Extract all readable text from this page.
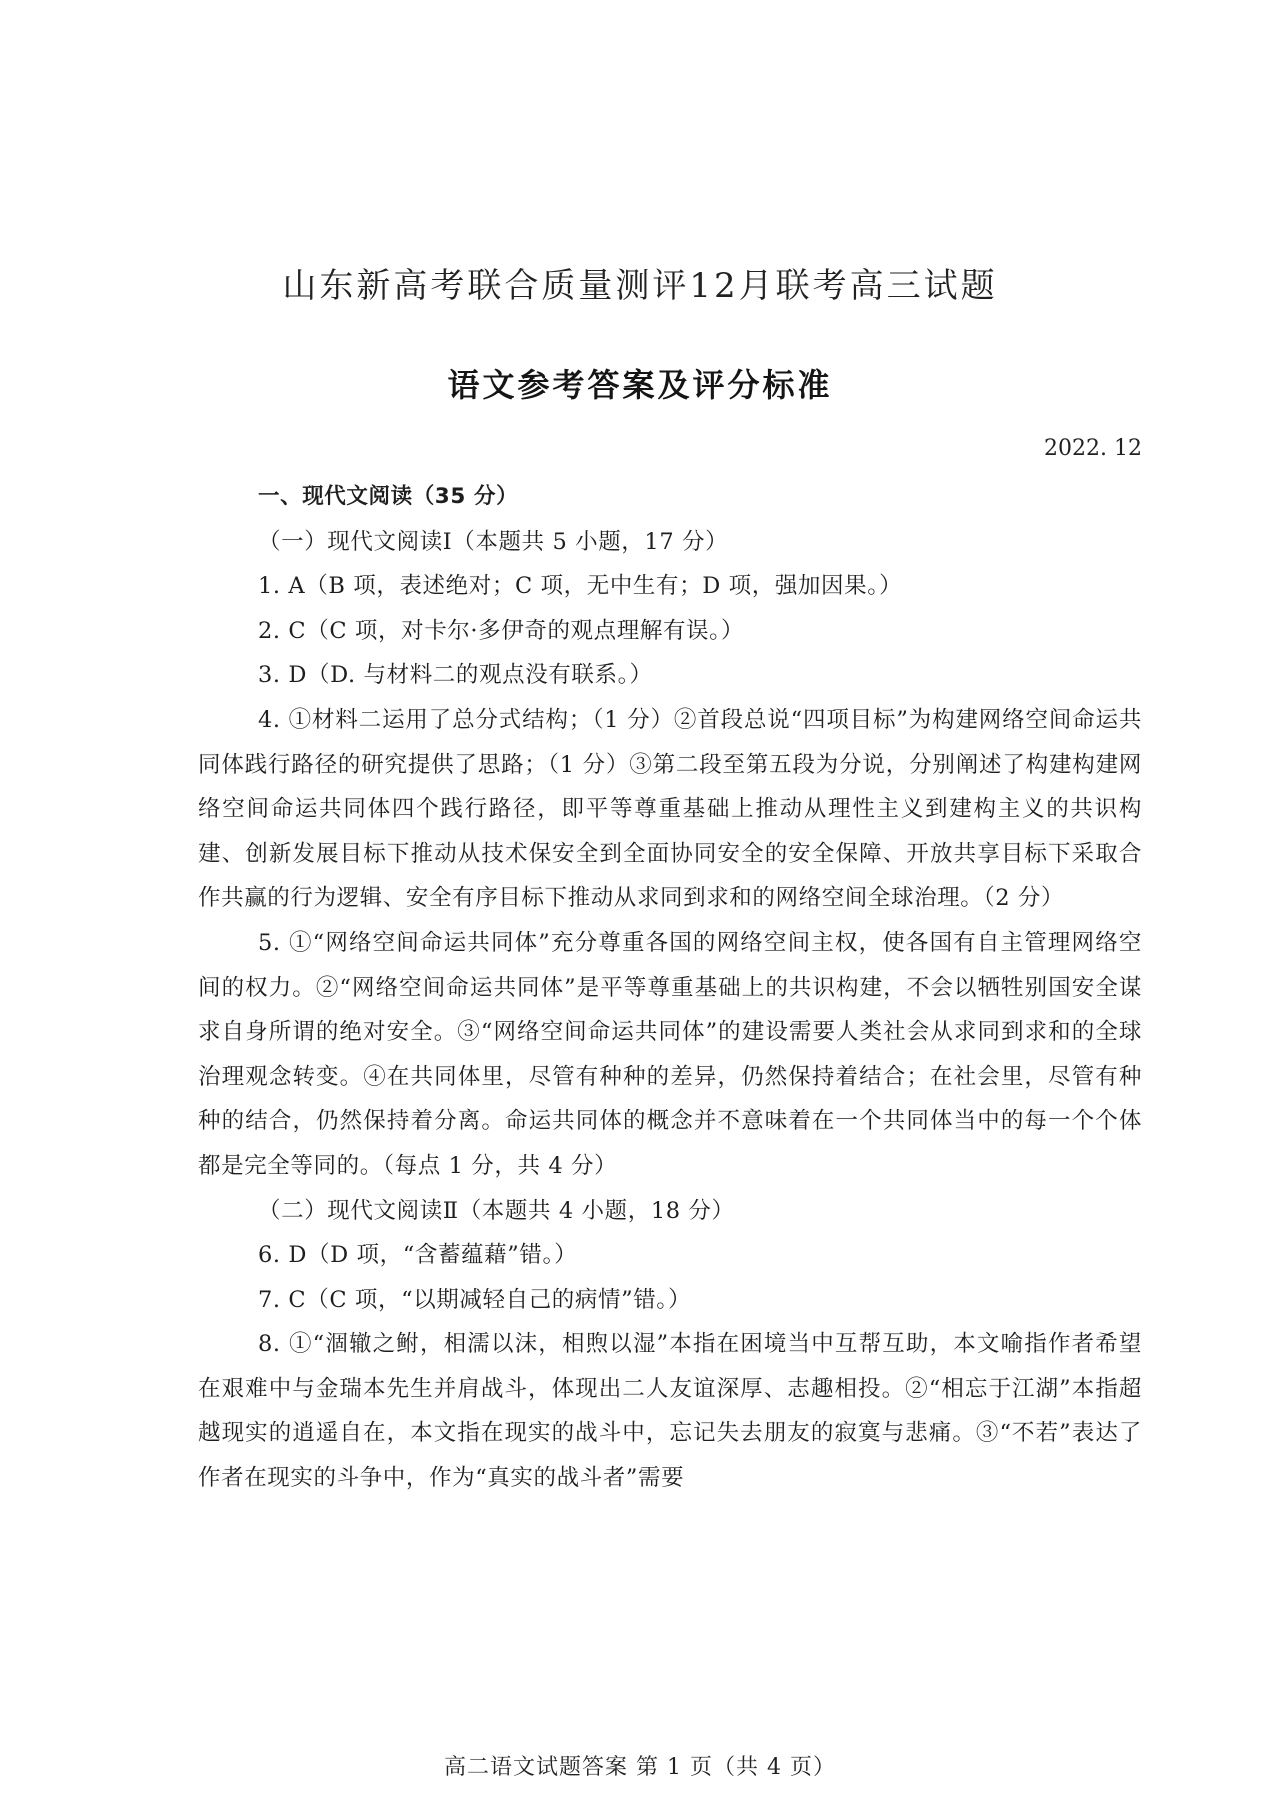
山东新高考联合质量测评12月联考高三试题
语文参考答案及评分标准
2022. 12

一、现代文阅读（35 分）

（一）现代文阅读Ⅰ（本题共 5 小题，17 分）

1. A（B 项，表述绝对；C 项，无中生有；D 项，强加因果。）

2. C（C 项，对卡尔·多伊奇的观点理解有误。）

3. D（D. 与材料二的观点没有联系。）

4. ①材料二运用了总分式结构；（1 分）②首段总说“四项目标”为构建网络空间命运共同体践行路径的研究提供了思路；（1 分）③第二段至第五段为分说，分别阐述了构建构建网络空间命运共同体四个践行路径，即平等尊重基础上推动从理性主义到建构主义的共识构建、创新发展目标下推动从技术保安全到全面协同安全的安全保障、开放共享目标下采取合作共赢的行为逻辑、安全有序目标下推动从求同到求和的网络空间全球治理。（2 分）

5. ①“网络空间命运共同体”充分尊重各国的网络空间主权，使各国有自主管理网络空间的权力。②“网络空间命运共同体”是平等尊重基础上的共识构建，不会以牺牲别国安全谋求自身所谓的绝对安全。③“网络空间命运共同体”的建设需要人类社会从求同到求和的全球治理观念转变。④在共同体里，尽管有种种的差异，仍然保持着结合；在社会里，尽管有种种的结合，仍然保持着分离。命运共同体的概念并不意味着在一个共同体当中的每一个个体都是完全等同的。（每点 1 分，共 4 分）

（二）现代文阅读Ⅱ（本题共 4 小题，18 分）

6. D（D 项，“含蓄蕴藉”错。）

7. C（C 项，“以期减轻自己的病情”错。）

8. ①“涸辙之鲋，相濡以沫，相煦以湿”本指在困境当中互帮互助，本文喻指作者希望在艰难中与金瑞本先生并肩战斗，体现出二人友谊深厚、志趣相投。②“相忘于江湖”本指超越现实的逍遥自在，本文指在现实的战斗中，忘记失去朋友的寂寞与悲痛。③“不若”表达了作者在现实的斗争中，作为“真实的战斗者”需要

高二语文试题答案 第 1 页（共 4 页）
